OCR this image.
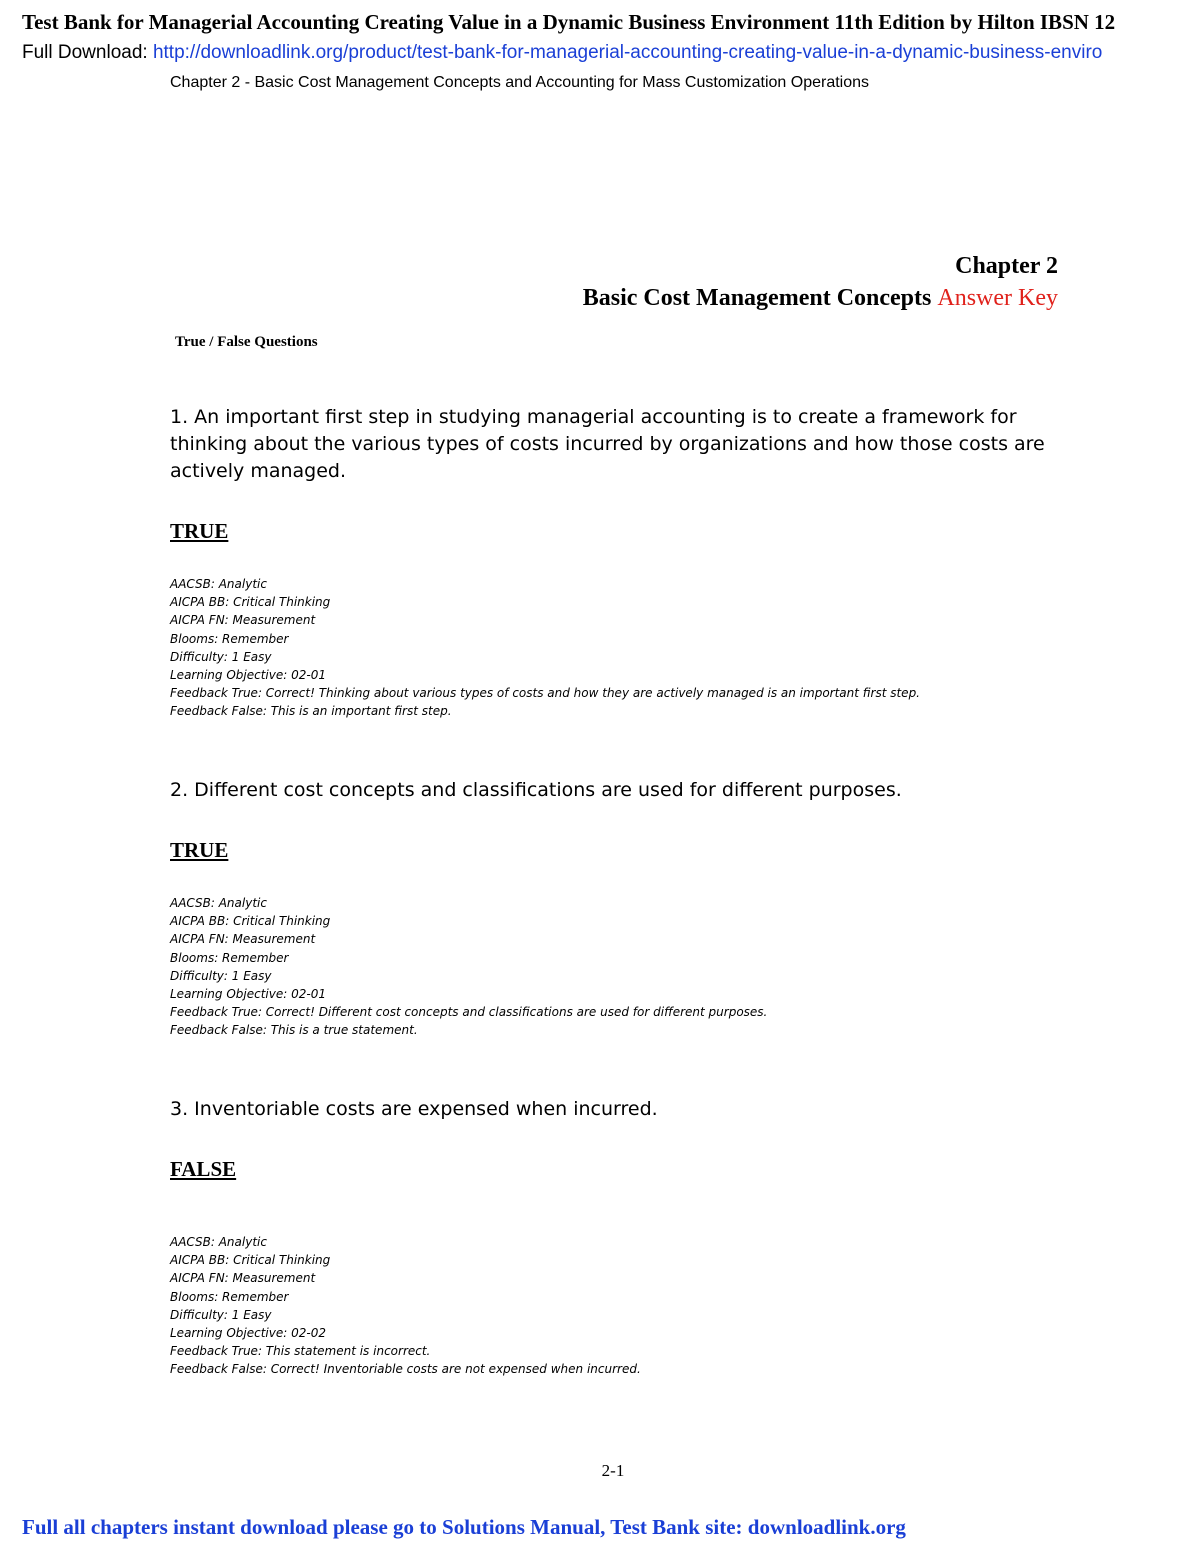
Test Bank for Managerial Accounting Creating Value in a Dynamic Business Environment 11th Edition by Hilton IBSN 12
Full Download: http://downloadlink.org/product/test-bank-for-managerial-accounting-creating-value-in-a-dynamic-business-enviro
Chapter 2 - Basic Cost Management Concepts and Accounting for Mass Customization Operations
Chapter 2
Basic Cost Management Concepts Answer Key
True / False Questions
1. An important first step in studying managerial accounting is to create a framework for thinking about the various types of costs incurred by organizations and how those costs are actively managed.
TRUE
AACSB: Analytic
AICPA BB: Critical Thinking
AICPA FN: Measurement
Blooms: Remember
Difficulty: 1 Easy
Learning Objective: 02-01
Feedback True: Correct! Thinking about various types of costs and how they are actively managed is an important first step.
Feedback False: This is an important first step.
2. Different cost concepts and classifications are used for different purposes.
TRUE
AACSB: Analytic
AICPA BB: Critical Thinking
AICPA FN: Measurement
Blooms: Remember
Difficulty: 1 Easy
Learning Objective: 02-01
Feedback True: Correct! Different cost concepts and classifications are used for different purposes.
Feedback False: This is a true statement.
3. Inventoriable costs are expensed when incurred.
FALSE
AACSB: Analytic
AICPA BB: Critical Thinking
AICPA FN: Measurement
Blooms: Remember
Difficulty: 1 Easy
Learning Objective: 02-02
Feedback True: This statement is incorrect.
Feedback False: Correct! Inventoriable costs are not expensed when incurred.
2-1
Full all chapters instant download please go to Solutions Manual, Test Bank site: downloadlink.org
